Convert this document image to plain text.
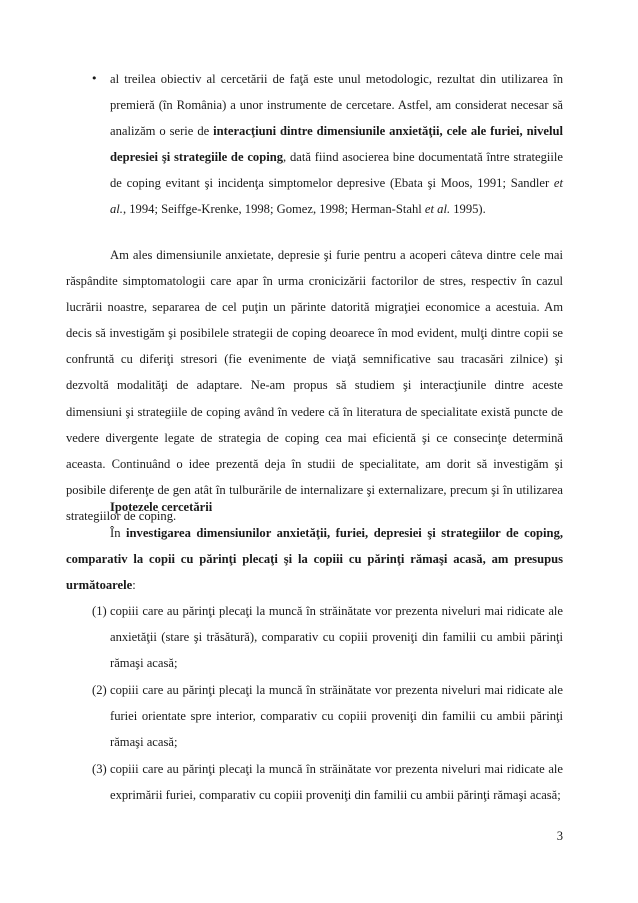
• al treilea obiectiv al cercetării de faţă este unul metodologic, rezultat din utilizarea în premieră (în România) a unor instrumente de cercetare. Astfel, am considerat necesar să analizăm o serie de interacţiuni dintre dimensiunile anxietăţii, cele ale furiei, nivelul depresiei şi strategiile de coping, dată fiind asocierea bine documentată între strategiile de coping evitant şi incidenţa simptomelor depresive (Ebata şi Moos, 1991; Sandler et al., 1994; Seiffge-Krenke, 1998; Gomez, 1998; Herman-Stahl et al. 1995).

Am ales dimensiunile anxietate, depresie şi furie pentru a acoperi câteva dintre cele mai răspândite simptomatologii care apar în urma cronicizării factorilor de stres, respectiv în cazul lucrării noastre, separarea de cel puţin un părinte datorită migraţiei economice a acestuia. Am decis să investigăm şi posibilele strategii de coping deoarece în mod evident, mulţi dintre copii se confruntă cu diferiţi stresori (fie evenimente de viaţă semnificative sau tracasări zilnice) şi dezvoltă modalităţi de adaptare. Ne-am propus să studiem şi interacţiunile dintre aceste dimensiuni şi strategiile de coping având în vedere că în literatura de specialitate există puncte de vedere divergente legate de strategia de coping cea mai eficientă şi ce consecinţe determină aceasta. Continuând o idee prezentă deja în studii de specialitate, am dorit să investigăm şi posibile diferenţe de gen atât în tulburările de internalizare şi externalizare, precum şi în utilizarea strategiilor de coping.

Ipotezele cercetării

În investigarea dimensiunilor anxietăţii, furiei, depresiei şi strategiilor de coping, comparativ la copii cu părinţi plecaţi şi la copiii cu părinţi rămaşi acasă, am presupus următoarele:

(1) copiii care au părinţi plecaţi la muncă în străinătate vor prezenta niveluri mai ridicate ale anxietăţii (stare şi trăsătură), comparativ cu copiii proveniţi din familii cu ambii părinţi rămaşi acasă;
(2) copiii care au părinţi plecaţi la muncă în străinătate vor prezenta niveluri mai ridicate ale furiei orientate spre interior, comparativ cu copiii proveniţi din familii cu ambii părinţi rămaşi acasă;
(3) copiii care au părinţi plecaţi la muncă în străinătate vor prezenta niveluri mai ridicate ale exprimării furiei, comparativ cu copiii proveniţi din familii cu ambii părinţi rămaşi acasă;
3
